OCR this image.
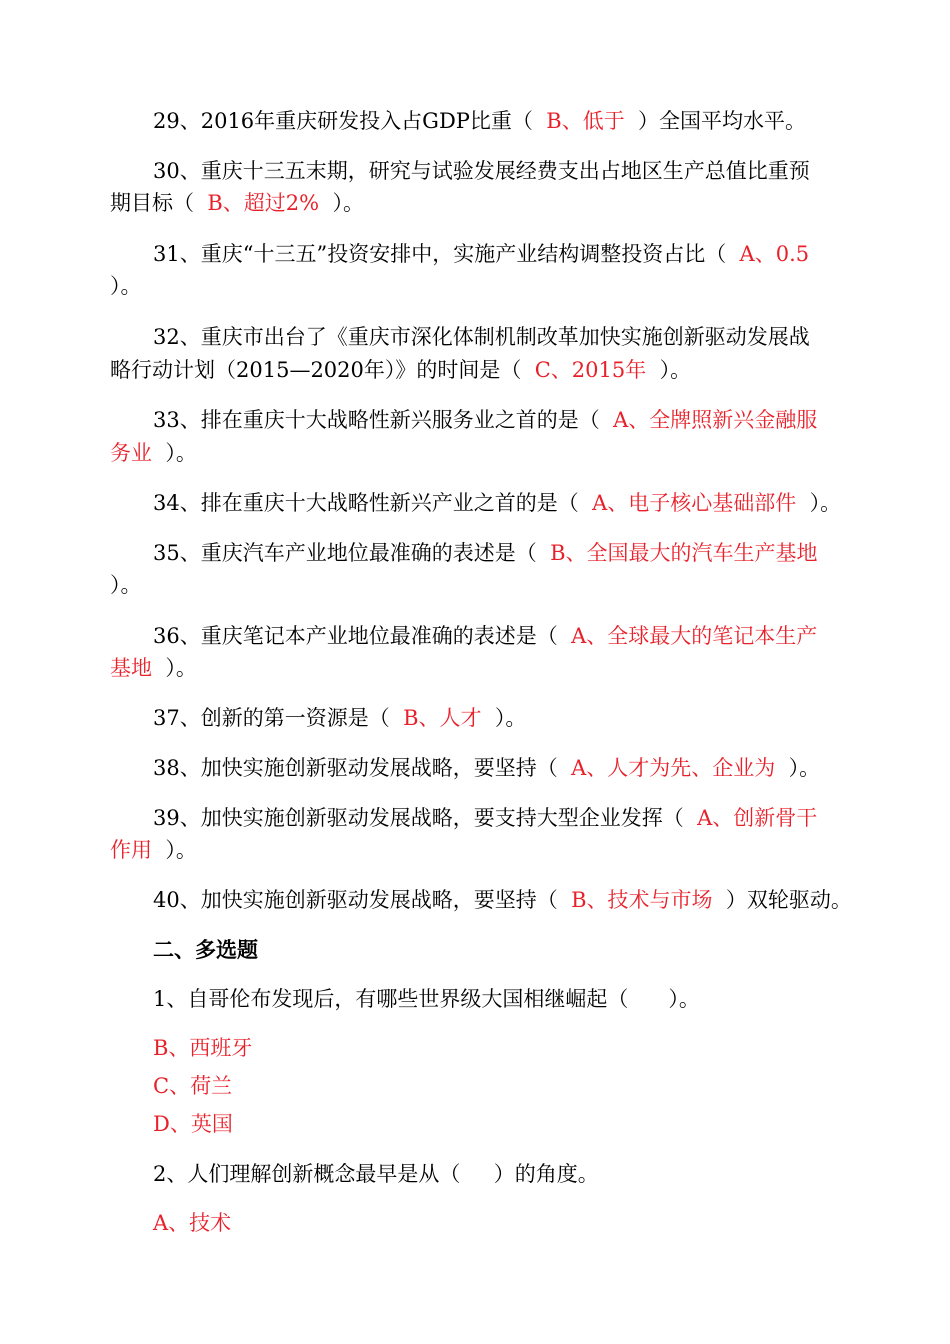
29、2016年重庆研发投入占GDP比重（  B、低于  ）全国平均水平。
30、重庆十三五末期，研究与试验发展经费支出占地区生产总值比重预
期目标（  B、超过2%  ）。
31、重庆“十三五”投资安排中，实施产业结构调整投资占比（  A、0.5
）。
32、重庆市出台了《重庆市深化体制机制改革加快实施创新驱动发展战
略行动计划（2015—2020年）》的时间是（  C、2015年  ）。
33、排在重庆十大战略性新兴服务业之首的是（  A、全牌照新兴金融服
务业  ）。
34、排在重庆十大战略性新兴产业之首的是（  A、电子核心基础部件  ）。
35、重庆汽车产业地位最准确的表述是（  B、全国最大的汽车生产基地
）。
36、重庆笔记本产业地位最准确的表述是（  A、全球最大的笔记本生产
基地  ）。
37、创新的第一资源是（  B、人才  ）。
38、加快实施创新驱动发展战略，要坚持（  A、人才为先、企业为  ）。
39、加快实施创新驱动发展战略，要支持大型企业发挥（  A、创新骨干
作用  ）。
40、加快实施创新驱动发展战略，要坚持（  B、技术与市场  ）双轮驱动。
二、多选题
1、自哥伦布发现后，有哪些世界级大国相继崛起（      ）。
B、西班牙
C、荷兰
D、英国
2、人们理解创新概念最早是从（     ）的角度。
A、技术
